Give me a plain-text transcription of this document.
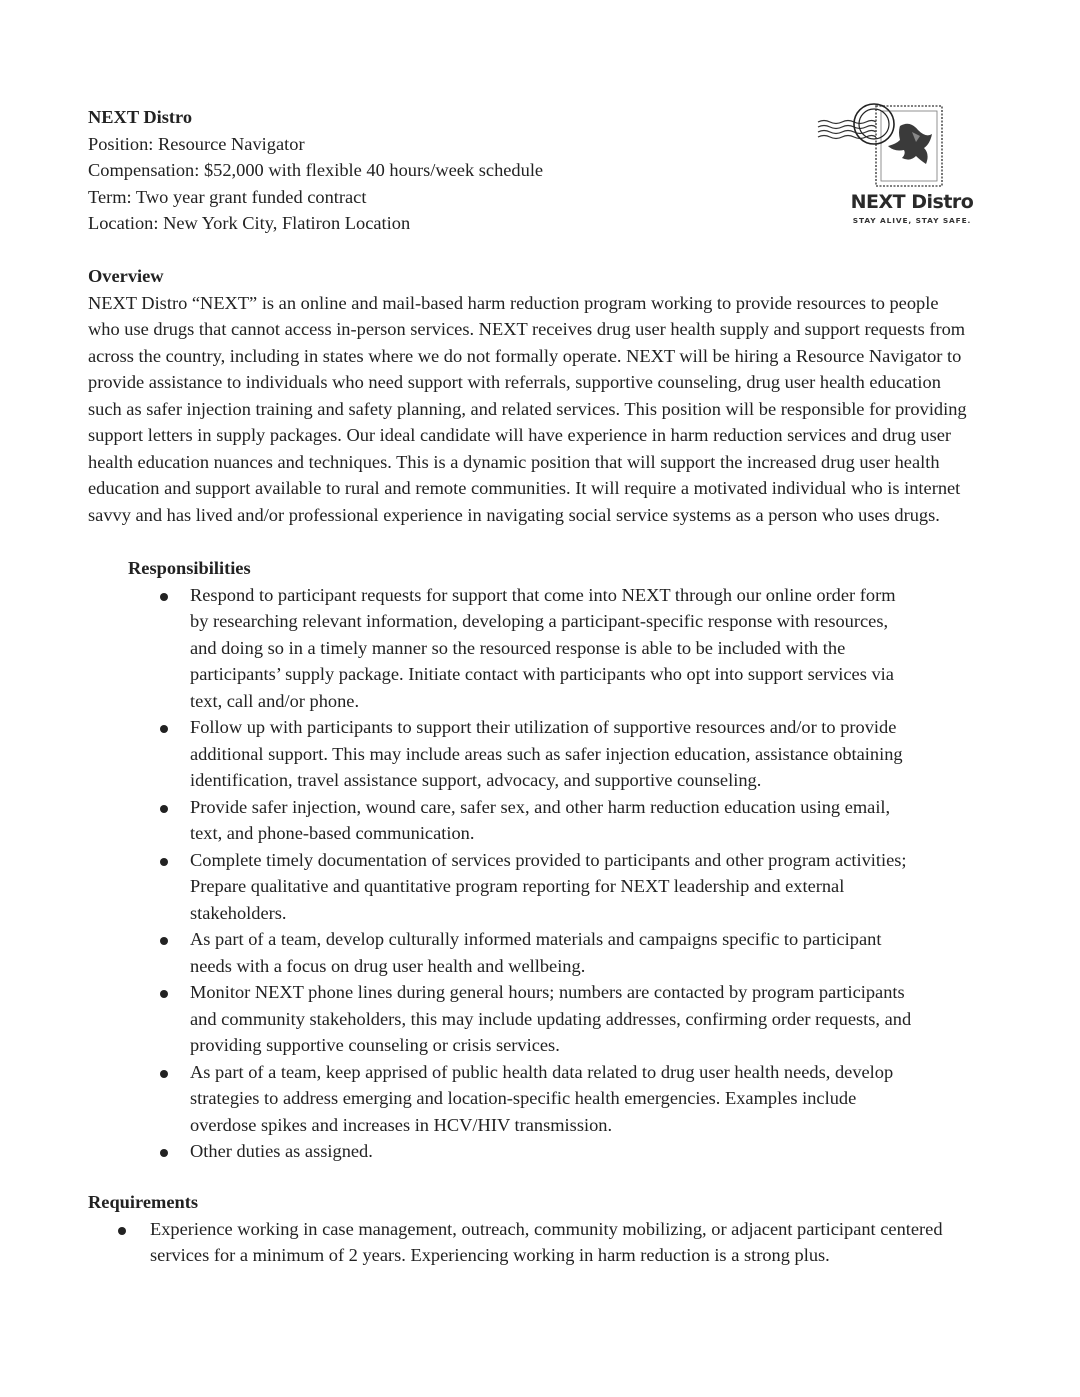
NEXT Distro
Position: Resource Navigator
Compensation: $52,000 with flexible 40 hours/week schedule
Term: Two year grant funded contract
Location: New York City, Flatiron Location
NEXT Distro
STAY ALIVE, STAY SAFE.
Overview
NEXT Distro “NEXT” is an online and mail-based harm reduction program working to provide resources to people
who use drugs that cannot access in-person services. NEXT receives drug user health supply and support requests from
across the country, including in states where we do not formally operate. NEXT will be hiring a Resource Navigator to
provide assistance to individuals who need support with referrals, supportive counseling, drug user health education
such as safer injection training and safety planning, and related services. This position will be responsible for providing
support letters in supply packages. Our ideal candidate will have experience in harm reduction services and drug user
health education nuances and techniques. This is a dynamic position that will support the increased drug user health
education and support available to rural and remote communities. It will require a motivated individual who is internet
savvy and has lived and/or professional experience in navigating social service systems as a person who uses drugs.
Responsibilities
Respond to participant requests for support that come into NEXT through our online order form
by researching relevant information, developing a participant-specific response with resources,
and doing so in a timely manner so the resourced response is able to be included with the
participants’ supply package. Initiate contact with participants who opt into support services via
text, call and/or phone.
Follow up with participants to support their utilization of supportive resources and/or to provide
additional support. This may include areas such as safer injection education, assistance obtaining
identification, travel assistance support, advocacy, and supportive counseling.
Provide safer injection, wound care, safer sex, and other harm reduction education using email,
text, and phone-based communication.
Complete timely documentation of services provided to participants and other program activities;
Prepare qualitative and quantitative program reporting for NEXT leadership and external
stakeholders.
As part of a team, develop culturally informed materials and campaigns specific to participant
needs with a focus on drug user health and wellbeing.
Monitor NEXT phone lines during general hours; numbers are contacted by program participants
and community stakeholders, this may include updating addresses, confirming order requests, and
providing supportive counseling or crisis services.
As part of a team, keep apprised of public health data related to drug user health needs, develop
strategies to address emerging and location-specific health emergencies. Examples include
overdose spikes and increases in HCV/HIV transmission.
Other duties as assigned.
Requirements
Experience working in case management, outreach, community mobilizing, or adjacent participant centered
services for a minimum of 2 years. Experiencing working in harm reduction is a strong plus.
